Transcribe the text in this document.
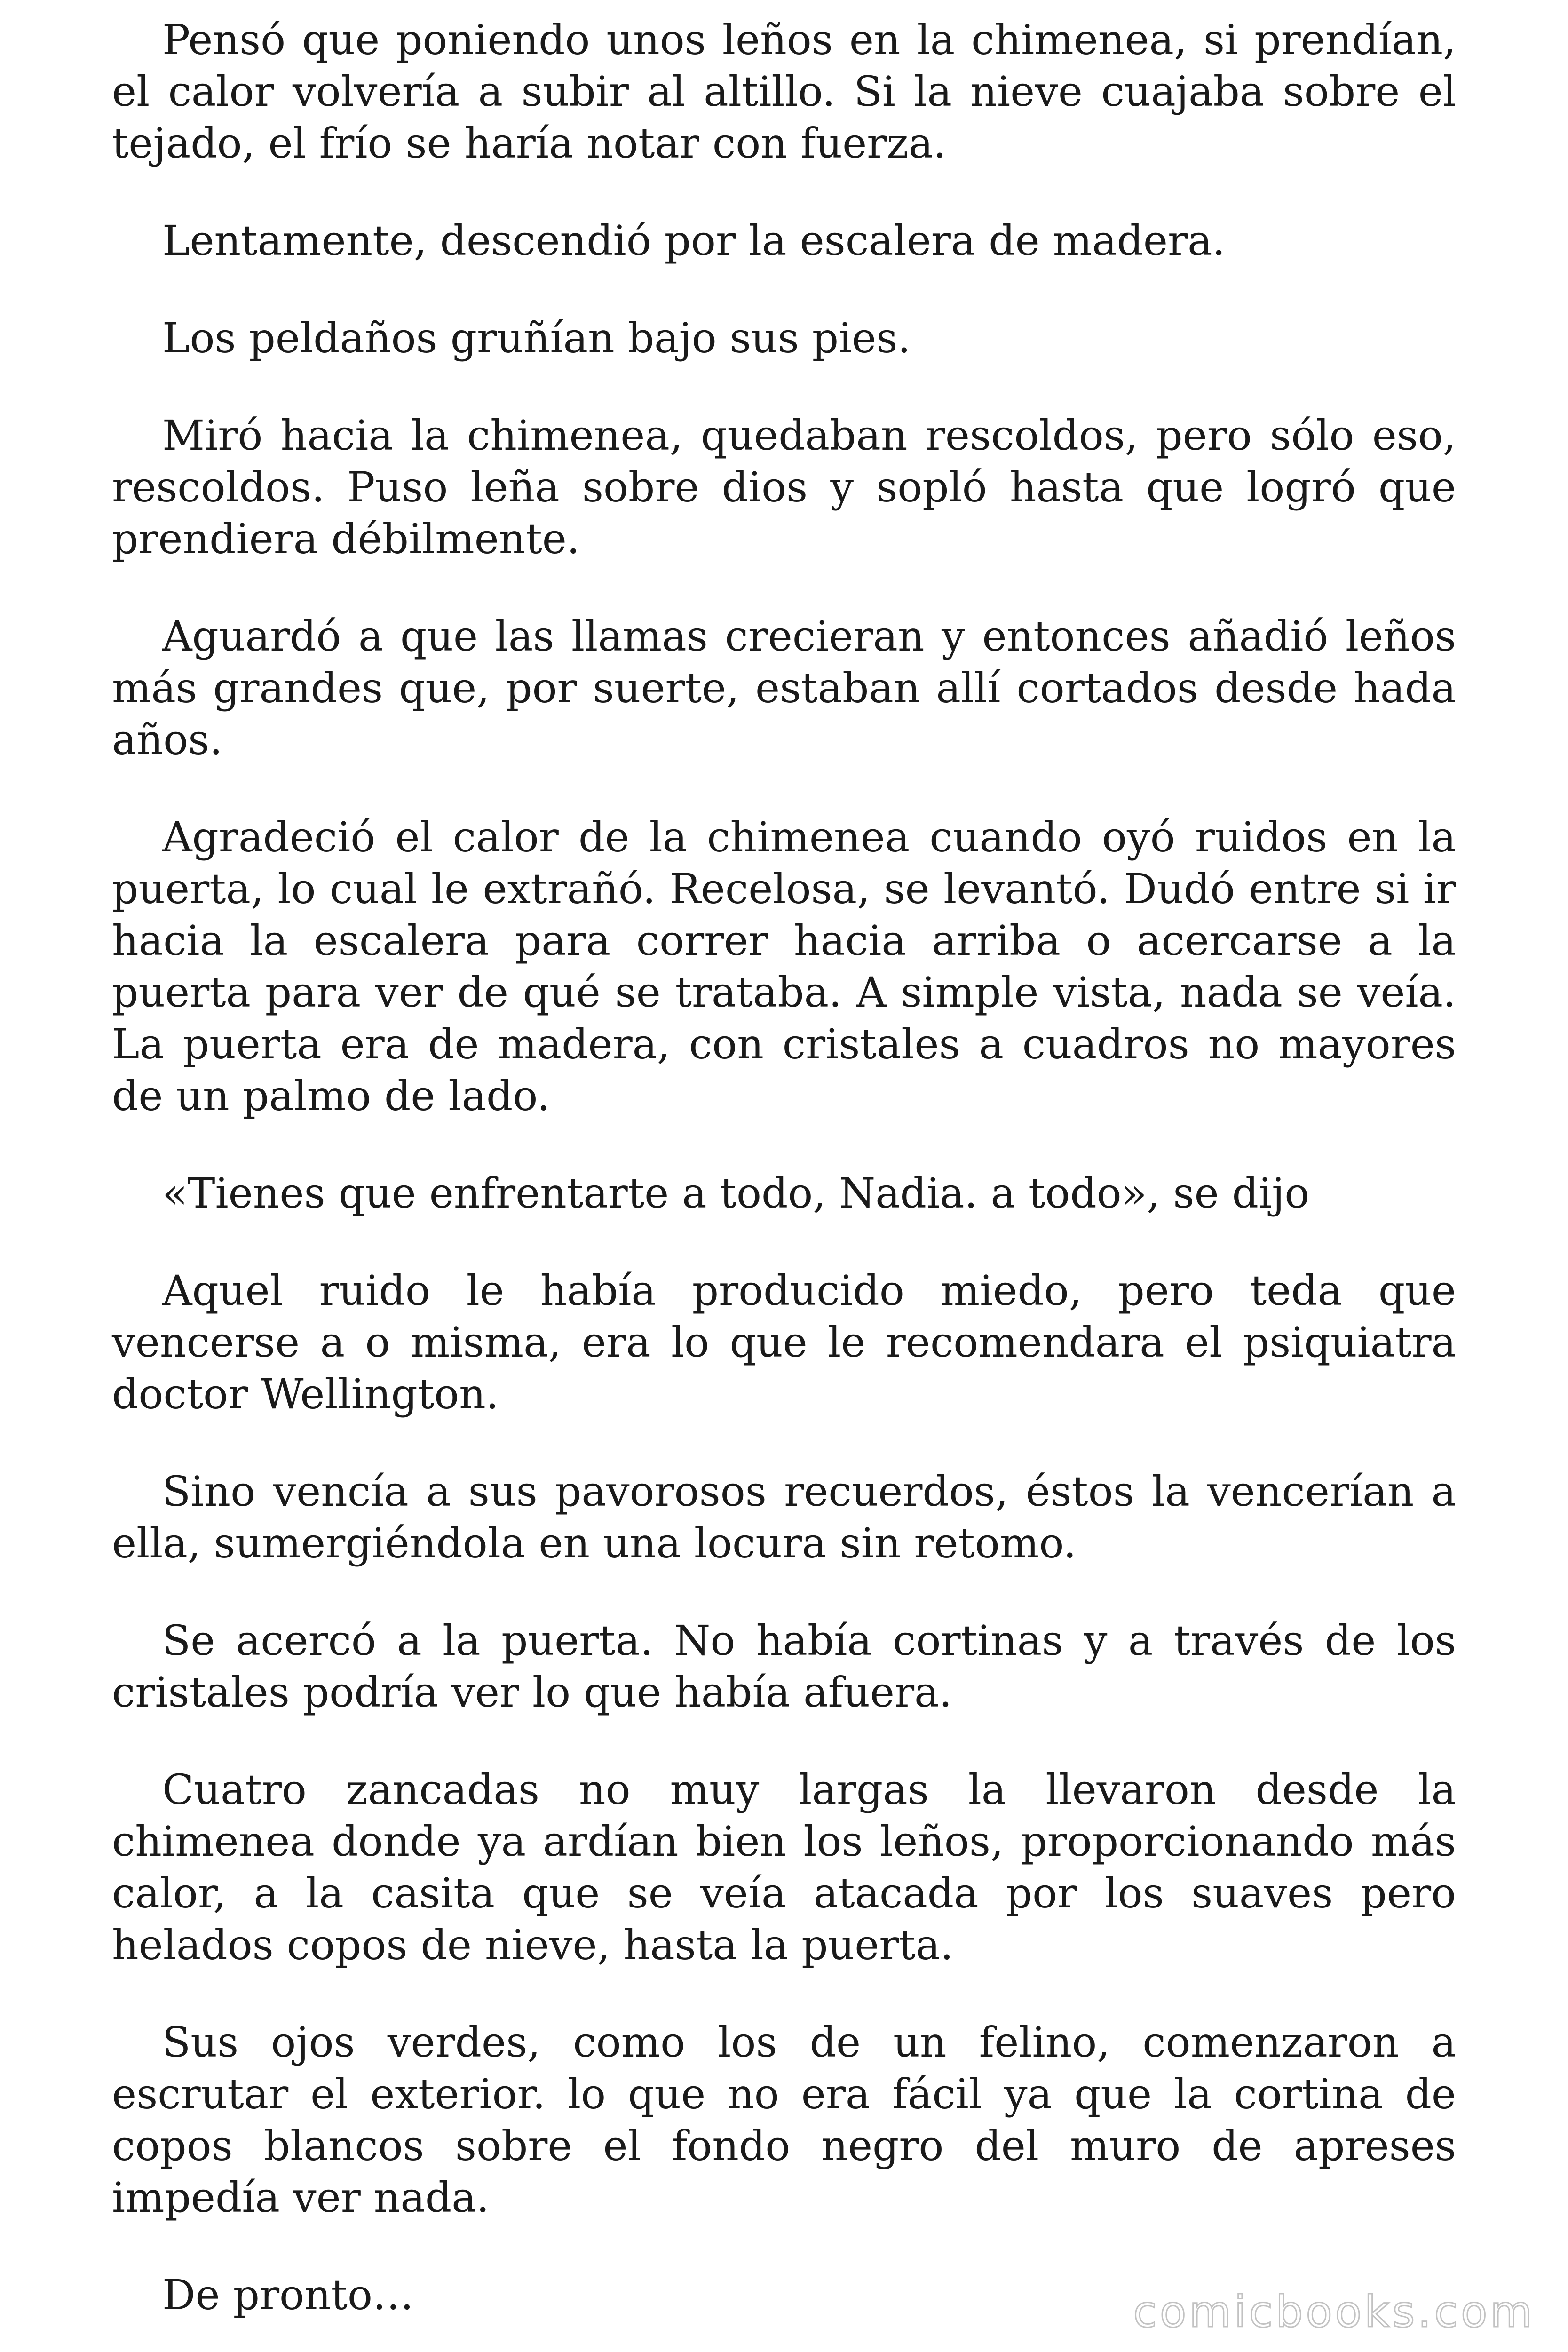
Pensó que poniendo unos leños en la chimenea, si prendían, el calor volvería a subir al altillo. Si la nieve cuajaba sobre el tejado, el frío se haría notar con fuerza.

Lentamente, descendió por la escalera de madera.

Los peldaños gruñían bajo sus pies.

Miró hacia la chimenea, quedaban rescoldos, pero sólo eso, rescoldos. Puso leña sobre dios y sopló hasta que logró que prendiera débilmente.

Aguardó a que las llamas crecieran y entonces añadió leños más grandes que, por suerte, estaban allí cortados desde hada años.

Agradeció el calor de la chimenea cuando oyó ruidos en la puerta, lo cual le extrañó. Recelosa, se levantó. Dudó entre si ir hacia la escalera para correr hacia arriba o acercarse a la puerta para ver de qué se trataba. A simple vista, nada se veía. La puerta era de madera, con cristales a cuadros no mayores de un palmo de lado.

«Tienes que enfrentarte a todo, Nadia. a todo», se dijo

Aquel ruido le había producido miedo, pero teda que vencerse a o misma, era lo que le recomendara el psiquiatra doctor Wellington.

Sino vencía a sus pavorosos recuerdos, éstos la vencerían a ella, sumergiéndola en una locura sin retomo.

Se acercó a la puerta. No había cortinas y a través de los cristales podría ver lo que había afuera.

Cuatro zancadas no muy largas la llevaron desde la chimenea donde ya ardían bien los leños, proporcionando más calor, a la casita que se veía atacada por los suaves pero helados copos de nieve, hasta la puerta.

Sus ojos verdes, como los de un felino, comenzaron a escrutar el exterior. lo que no era fácil ya que la cortina de copos blancos sobre el fondo negro del muro de apreses impedía ver nada.

De pronto…	comicbooks.com
